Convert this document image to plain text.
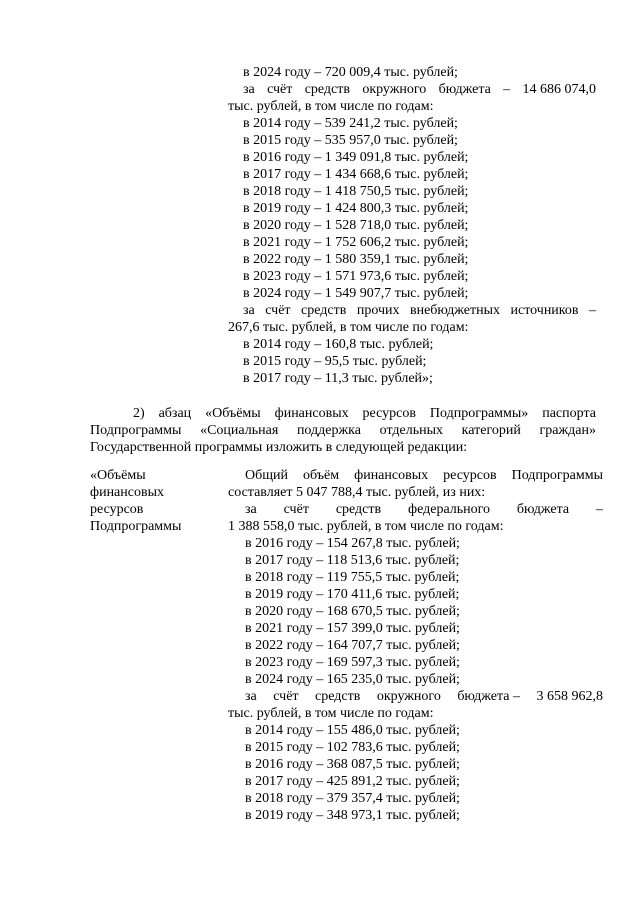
в 2024 году – 720 009,4 тыс. рублей;
за счёт средств окружного бюджета – 14 686 074,0
тыс. рублей, в том числе по годам:
в 2014 году – 539 241,2 тыс. рублей;
в 2015 году – 535 957,0 тыс. рублей;
в 2016 году – 1 349 091,8 тыс. рублей;
в 2017 году – 1 434 668,6 тыс. рублей;
в 2018 году – 1 418 750,5 тыс. рублей;
в 2019 году – 1 424 800,3 тыс. рублей;
в 2020 году – 1 528 718,0 тыс. рублей;
в 2021 году – 1 752 606,2 тыс. рублей;
в 2022 году – 1 580 359,1 тыс. рублей;
в 2023 году – 1 571 973,6 тыс. рублей;
в 2024 году – 1 549 907,7 тыс. рублей;
за счёт средств прочих внебюджетных источников –
267,6 тыс. рублей, в том числе по годам:
в 2014 году – 160,8 тыс. рублей;
в 2015 году – 95,5 тыс. рублей;
в 2017 году – 11,3 тыс. рублей»;
2) абзац «Объёмы финансовых ресурсов Подпрограммы» паспорта
Подпрограммы «Социальная поддержка отдельных категорий граждан»
Государственной программы изложить в следующей редакции:
«Объёмы
финансовых
ресурсов
Подпрограммы
Общий объём финансовых ресурсов Подпрограммы
составляет 5 047 788,4 тыс. рублей, из них:
за счёт средств федерального бюджета –
1 388 558,0 тыс. рублей, в том числе по годам:
в 2016 году – 154 267,8 тыс. рублей;
в 2017 году – 118 513,6 тыс. рублей;
в 2018 году – 119 755,5 тыс. рублей;
в 2019 году – 170 411,6 тыс. рублей;
в 2020 году – 168 670,5 тыс. рублей;
в 2021 году – 157 399,0 тыс. рублей;
в 2022 году – 164 707,7 тыс. рублей;
в 2023 году – 169 597,3 тыс. рублей;
в 2024 году – 165 235,0 тыс. рублей;
за счёт средств окружного бюджета – 3 658 962,8
тыс. рублей, в том числе по годам:
в 2014 году – 155 486,0 тыс. рублей;
в 2015 году – 102 783,6 тыс. рублей;
в 2016 году – 368 087,5 тыс. рублей;
в 2017 году – 425 891,2 тыс. рублей;
в 2018 году – 379 357,4 тыс. рублей;
в 2019 году – 348 973,1 тыс. рублей;
